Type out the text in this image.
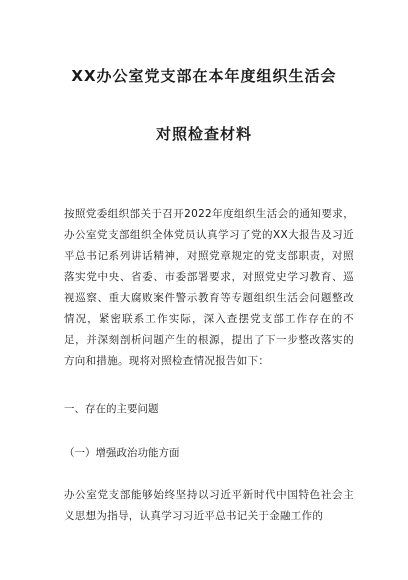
XX办公室党支部在本年度组织生活会
对照检查材料

按照党委组织部关于召开2022年度组织生活会的通知要求，办公室党支部组织全体党员认真学习了党的XX大报告及习近平总书记系列讲话精神，对照党章规定的党支部职责，对照落实党中央、省委、市委部署要求，对照党史学习教育、巡视巡察、重大腐败案件警示教育等专题组织生活会问题整改情况，紧密联系工作实际，深入查摆党支部工作存在的不足，并深刻剖析问题产生的根源，提出了下一步整改落实的方向和措施。现将对照检查情况报告如下：

一、存在的主要问题

（一）增强政治功能方面

办公室党支部能够始终坚持以习近平新时代中国特色社会主义思想为指导，认真学习习近平总书记关于金融工作的
